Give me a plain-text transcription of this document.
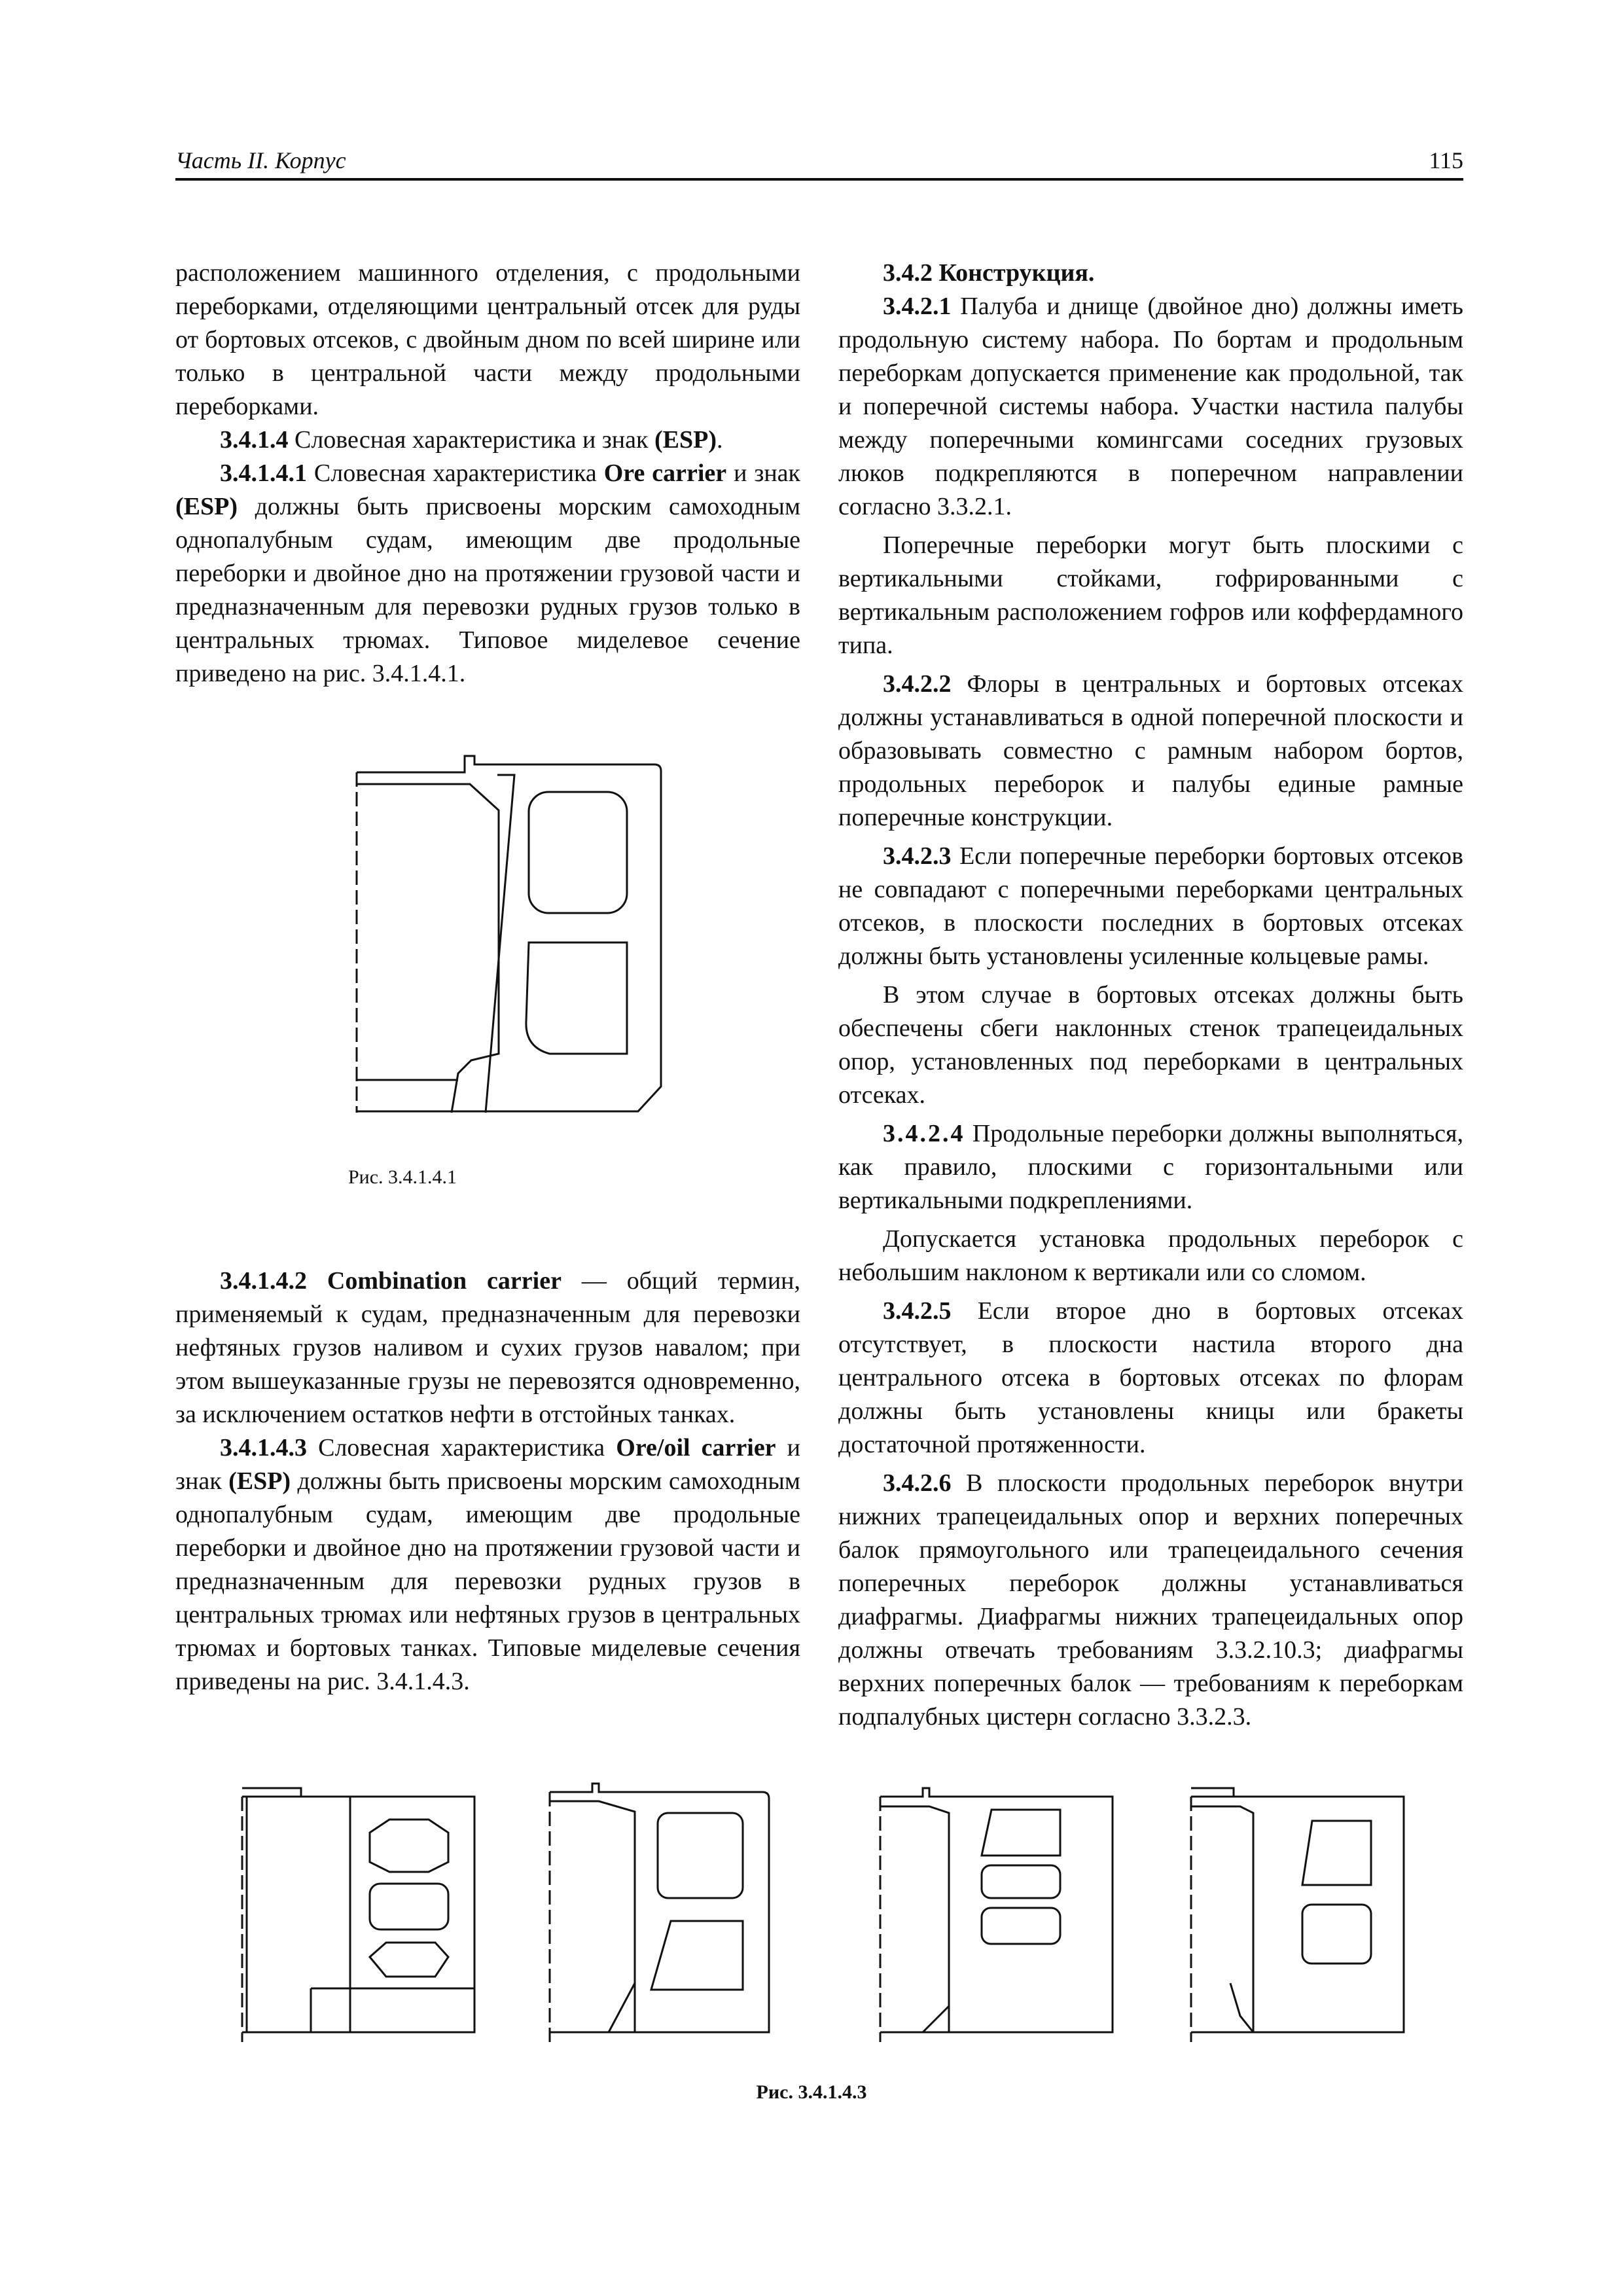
Часть II. Корпус	115

расположением машинного отделения, с продольными переборками, отделяющими центральный отсек для руды от бортовых отсеков, с двойным дном по всей ширине или только в центральной части между продольными переборками.

3.4.1.4 Словесная характеристика и знак (ESP).

3.4.1.4.1 Словесная характеристика Ore carrier и знак (ESP) должны быть присвоены морским самоходным однопалубным судам, имеющим две продольные переборки и двойное дно на протяжении грузовой части и предназначенным для перевозки рудных грузов только в центральных трюмах. Типовое миделевое сечение приведено на рис. 3.4.1.4.1.

Рис. 3.4.1.4.1

3.4.1.4.2 Combination carrier — общий термин, применяемый к судам, предназначенным для перевозки нефтяных грузов наливом и сухих грузов навалом; при этом вышеуказанные грузы не перевозятся одновременно, за исключением остатков нефти в отстойных танках.

3.4.1.4.3 Словесная характеристика Ore/oil carrier и знак (ESP) должны быть присвоены морским самоходным однопалубным судам, имеющим две продольные переборки и двойное дно на протяжении грузовой части и предназначенным для перевозки рудных грузов в центральных трюмах или нефтяных грузов в центральных трюмах и бортовых танках. Типовые миделевые сечения приведены на рис. 3.4.1.4.3.

3.4.2 Конструкция.

3.4.2.1 Палуба и днище (двойное дно) должны иметь продольную систему набора. По бортам и продольным переборкам допускается применение как продольной, так и поперечной системы набора. Участки настила палубы между поперечными комингсами соседних грузовых люков подкрепляются в поперечном направлении согласно 3.3.2.1.

Поперечные переборки могут быть плоскими с вертикальными стойками, гофрированными с вертикальным расположением гофров или коффердамного типа.

3.4.2.2 Флоры в центральных и бортовых отсеках должны устанавливаться в одной поперечной плоскости и образовывать совместно с рамным набором бортов, продольных переборок и палубы единые рамные поперечные конструкции.

3.4.2.3 Если поперечные переборки бортовых отсеков не совпадают с поперечными переборками центральных отсеков, в плоскости последних в бортовых отсеках должны быть установлены усиленные кольцевые рамы.

В этом случае в бортовых отсеках должны быть обеспечены сбеги наклонных стенок трапецеидальных опор, установленных под переборками в центральных отсеках.

3.4.2.4 Продольные переборки должны выполняться, как правило, плоскими с горизонтальными или вертикальными подкреплениями.

Допускается установка продольных переборок с небольшим наклоном к вертикали или со сломом.

3.4.2.5 Если второе дно в бортовых отсеках отсутствует, в плоскости настила второго дна центрального отсека в бортовых отсеках по флорам должны быть установлены кницы или бракеты достаточной протяженности.

3.4.2.6 В плоскости продольных переборок внутри нижних трапецеидальных опор и верхних поперечных балок прямоугольного или трапецеидального сечения поперечных переборок должны устанавливаться диафрагмы. Диафрагмы нижних трапецеидальных опор должны отвечать требованиям 3.3.2.10.3; диафрагмы верхних поперечных балок — требованиям к переборкам подпалубных цистерн согласно 3.3.2.3.

Рис. 3.4.1.4.3
